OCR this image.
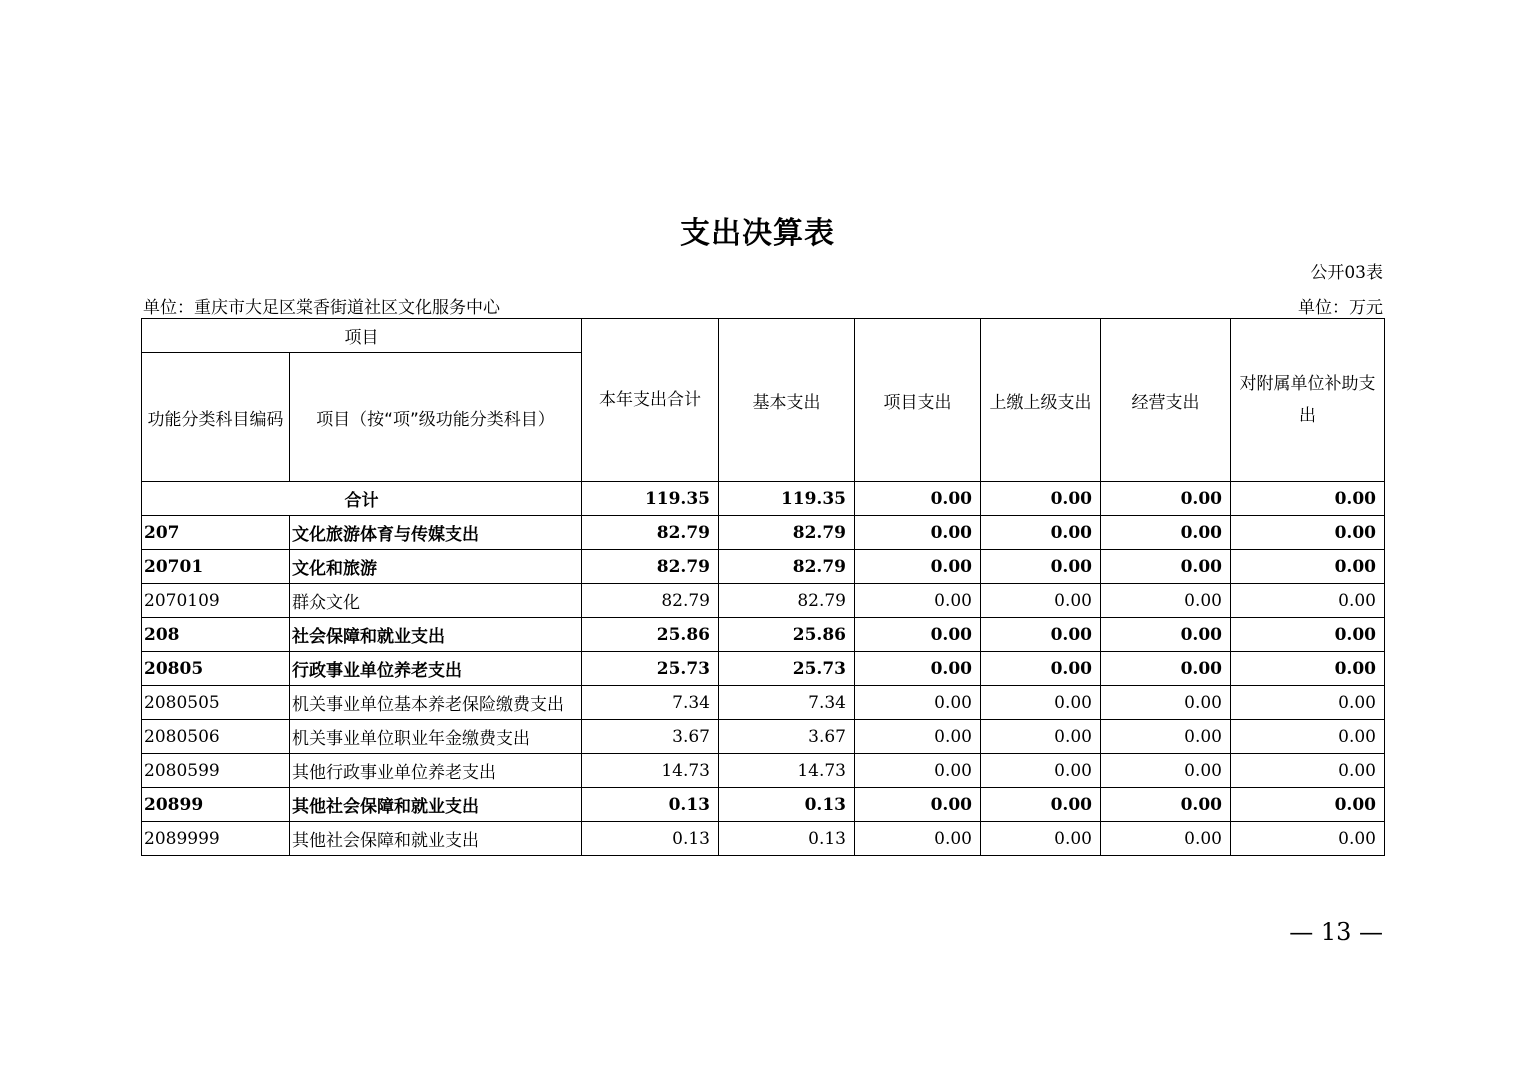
支出决算表
公开03表
单位：重庆市大足区棠香街道社区文化服务中心	单位：万元
项目		本年支出合计	基本支出	项目支出	上缴上级支出	经营支出	对附属单位补助支出
功能分类科目编码	项目（按“项”级功能分类科目）						
合计		119.35	119.35	0.00	0.00	0.00	0.00
207	文化旅游体育与传媒支出	82.79	82.79	0.00	0.00	0.00	0.00
20701	文化和旅游	82.79	82.79	0.00	0.00	0.00	0.00
2070109	群众文化	82.79	82.79	0.00	0.00	0.00	0.00
208	社会保障和就业支出	25.86	25.86	0.00	0.00	0.00	0.00
20805	行政事业单位养老支出	25.73	25.73	0.00	0.00	0.00	0.00
2080505	机关事业单位基本养老保险缴费支出	7.34	7.34	0.00	0.00	0.00	0.00
2080506	机关事业单位职业年金缴费支出	3.67	3.67	0.00	0.00	0.00	0.00
2080599	其他行政事业单位养老支出	14.73	14.73	0.00	0.00	0.00	0.00
20899	其他社会保障和就业支出	0.13	0.13	0.00	0.00	0.00	0.00
2089999	其他社会保障和就业支出	0.13	0.13	0.00	0.00	0.00	0.00
— 13 —
